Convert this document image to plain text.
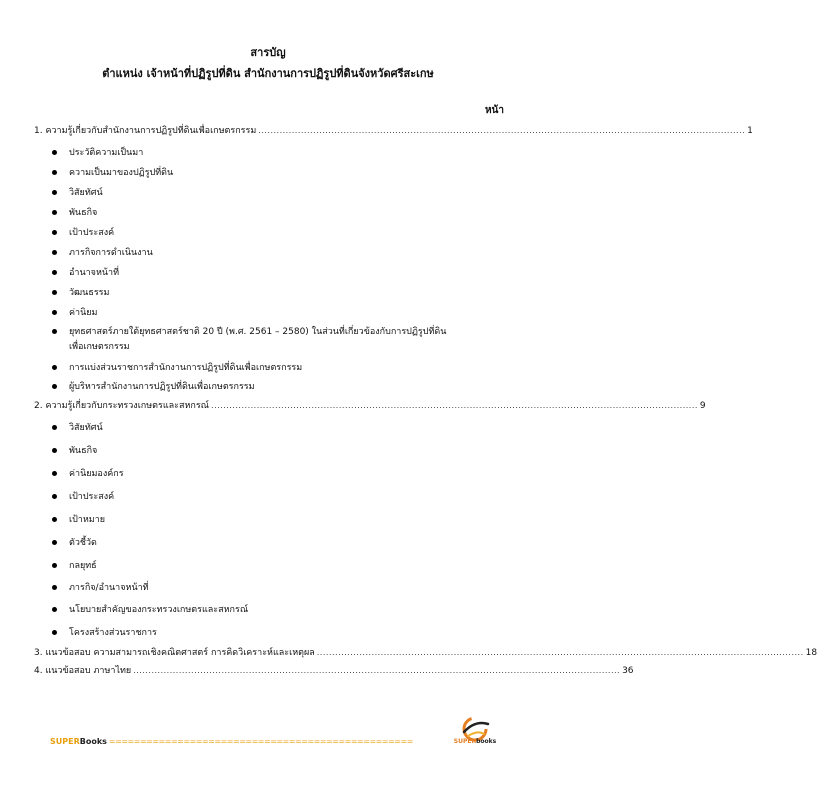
สารบัญ
ตำแหน่ง เจ้าหน้าที่ปฏิรูปที่ดิน สำนักงานการปฏิรูปที่ดินจังหวัดศรีสะเกษ
หน้า
1. ความรู้เกี่ยวกับสำนักงานการปฏิรูปที่ดินเพื่อเกษตรกรรม ................................................................................................................................................................ 1
ประวัติความเป็นมา
ความเป็นมาของปฏิรูปที่ดิน
วิสัยทัศน์
พันธกิจ
เป้าประสงค์
ภารกิจการดำเนินงาน
อำนาจหน้าที่
วัฒนธรรม
ค่านิยม
ยุทธศาสตร์ภายใต้ยุทธศาสตร์ชาติ 20 ปี (พ.ศ. 2561 – 2580) ในส่วนที่เกี่ยวข้องกับการปฏิรูปที่ดิน
เพื่อเกษตรกรรม
การแบ่งส่วนราชการสำนักงานการปฏิรูปที่ดินเพื่อเกษตรกรรม
ผู้บริหารสำนักงานการปฏิรูปที่ดินเพื่อเกษตรกรรม
2. ความรู้เกี่ยวกับกระทรวงเกษตรและสหกรณ์ ................................................................................................................................................................ 9
วิสัยทัศน์
พันธกิจ
ค่านิยมองค์กร
เป้าประสงค์
เป้าหมาย
ตัวชี้วัด
กลยุทธ์
ภารกิจ/อำนาจหน้าที่
นโยบายสำคัญของกระทรวงเกษตรและสหกรณ์
โครงสร้างส่วนราชการ
3. แนวข้อสอบ ความสามารถเชิงคณิตศาสตร์ การคิดวิเคราะห์และเหตุผล ................................................................................................................................................................ 18
4. แนวข้อสอบ ภาษาไทย ................................................................................................................................................................ 36
SUPER Books =================================================	SUPERbooks
